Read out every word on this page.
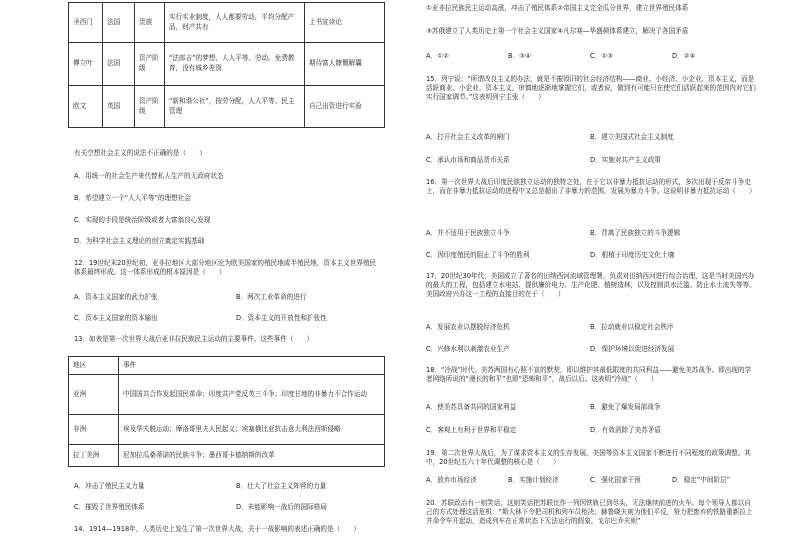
圣西门	法国	贵族	实行实业制度，人人都要劳动，平均分配产品，财产共有	上书宣读论
傅立叶	法国	资产阶级	“法郎吉”的梦想，人人平等、劳动。免费教育，没有城乡差别	期待富人慷慨解囊
欧文	英国	资产阶级	“新和谐公社”，按劳分配，人人平等、民主管理	自己出资进行实验
有关空想社会主义的说法不正确的是（　　）
A．用统一的社会生产来代替私人生产的无政府状态
B．希望建立一个“人人平等”的理想社会
C．实现的手段是统治阶级或者大富翁良心发现
D．为科学社会主义理论的创立奠定实践基础
12．19世纪末20世纪初，亚非拉地区大部分地区沦为欧美国家的殖民地或半殖民地，资本主义世界殖民体系最终形成。这一体系形成的根本原因是（　　）
A．资本主义国家的武力扩张	B．两次工业革命的进行
C．资本主义国家的资本输出	D．资本主义的开放性和扩张性
13．如表是第一次世界大战后亚非拉民族民主运动的主要事件。这些事件（　　）
地区	事件
亚洲	中国国共合作发起国民革命；印度共产党反英三斗争；印度甘地的非暴力不合作运动
非洲	埃及华夫脱运动；摩洛哥里夫人民起义；埃塞俄比亚抗击意大利法西斯侵略
拉丁美洲	尼加拉瓜桑蒂诺的民族斗争；墨西哥卡德纳斯的改革
A．冲击了殖民主义力量	B．壮大了社会主义阵营的力量
C．摧毁了世界殖民体系	D．未能影响一战后的国际格局
14．1914—1918年，人类历史上发生了第一次世界大战，关于一战影响的表述正确的是（　　）
①亚非拉民族民主运动高涨，冲击了殖民体系②帝国主义完全瓜分世界，建立世界殖民体系
③苏俄建立了人类历史上第一个社会主义国家④凡尔赛—华盛顿体系建立，解决了各国矛盾
A．①②	B．③④	C．①③	D．②④
15．列宁说：“所谓改良主义的办法，就是不摧毁旧的社会经济结构——商业、小经济、小企业、资本主义，而是活跃商业、小企业、资本主义，审慎地逐渐地掌握它们，或者说，做到有可能只在使它们活跃起来的范围内对它们实行国家调节。”这表明列宁主张（　　）
A．打开社会主义改革的闸门	B．建立美国式社会主义制度
C．承认市场和商品货币关系	D．实施对共产主义政策
16．第一次世界大战后印度民族独立运动的独特之处，在于它以非暴力抵抗运动的形式，多次出现于反帝斗争史上，而在非暴力抵抗运动的进程中又总是超出了非暴力的范围，发展为暴力斗争。这说明非暴力抵抗运动（　　）
A．并不适用于民族独立斗争	B．背离了民族独立的斗争逻辑
C．因印度殖民的阻止了斗争的胜利	D．根植于印度历史文化土壤
17．20世纪30年代，美国成立了著名的田纳西河流域管理署，负责对田纳西河进行综合治理，这是当时美国兴办的最大的工程，包括建立水电站、提供廉价电力、生产化肥、植树造林，以及控制洪水泛滥、防止水土流失等等。美国政府兴办这一工程的直接目的在于（　　）
A．发展农业以摆脱经济危机	B．拉动就业以稳定社会秩序
C．兴修水利以刺激农业生产	D．保护环境以促进经济发展
18．“冷战”时代，美苏两国有心照不宣的默契，即以维护其最低限度的共同利益——避免美苏战争。即出现的学者网络所说的“漫长的和平”也即“恐怖和平”，战后以后。这表明“冷战”（　　）
A．使美苏具备共同的国家利益	B．避免了爆发局部战争
C．客观上有利于世界和平稳定	D．有效消除了美苏矛盾
19．第二次世界大战后，为了谋求资本主义的生存发展，美国等资本主义国家不断进行不同程度的政策调整。其中，20世纪五六十年代调整的核心是（　　）
A．放弃市场经济	B．实施计划经济	C．强化国家干预	D．稳定“中间阶层”
20．苏联政治有一则笑话，这则笑话把苏联比作一列因铁轨已到尽头，无法继续前进的火车。每个领导人都以自己的方式处理这活危机：“斯大林下令把司机和列车员枪决；赫鲁晓夫则为他们平反，努力把废弃的铁路重新拉上并命令车开起动，造成列车在正常状态下无法运行的假象，戈尔巴乔夫则”
